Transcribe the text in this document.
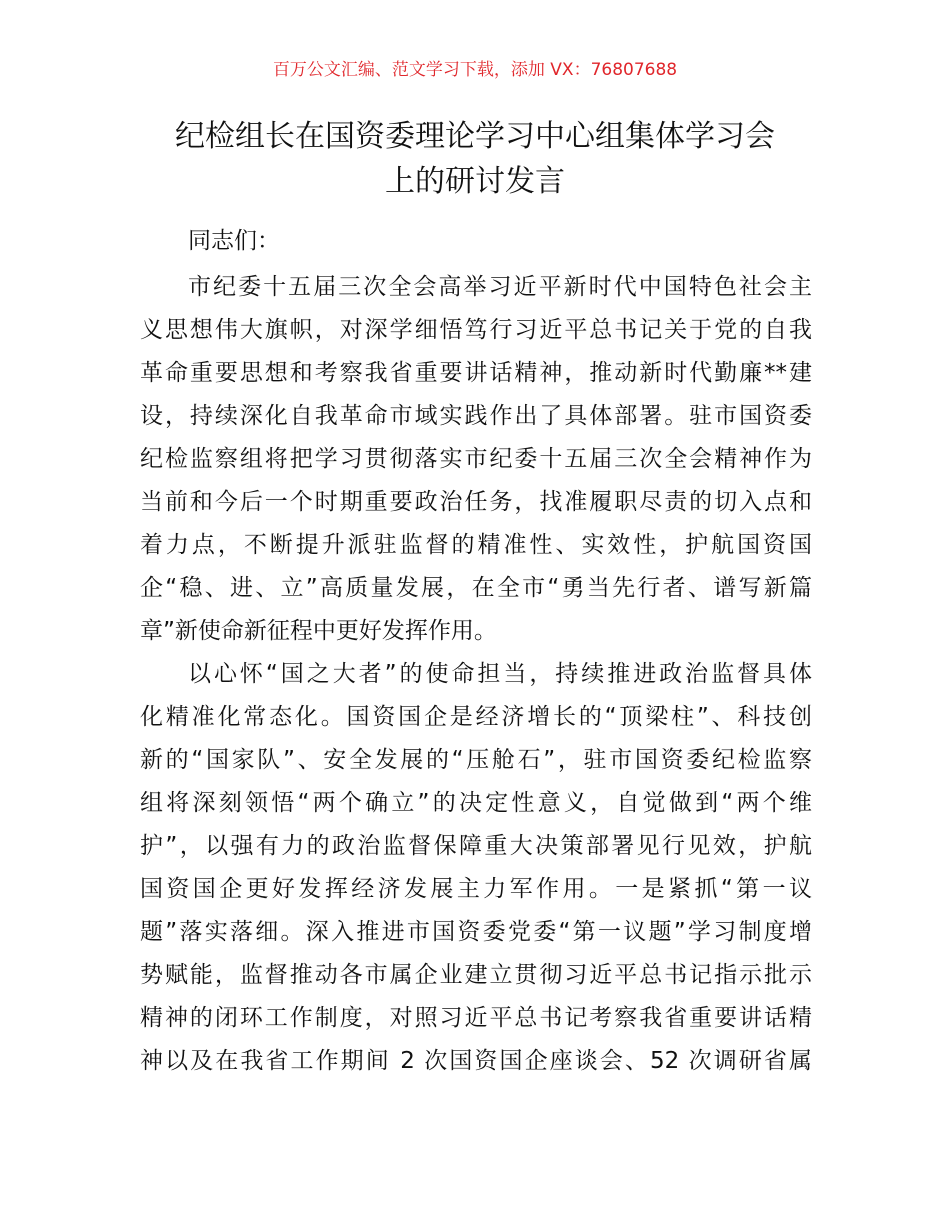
百万公文汇编、范文学习下载，添加 VX：76807688
纪检组长在国资委理论学习中心组集体学习会
上的研讨发言
同志们：
市纪委十五届三次全会高举习近平新时代中国特色社会主
义思想伟大旗帜，对深学细悟笃行习近平总书记关于党的自我
革命重要思想和考察我省重要讲话精神，推动新时代勤廉**建
设，持续深化自我革命市域实践作出了具体部署。驻市国资委
纪检监察组将把学习贯彻落实市纪委十五届三次全会精神作为
当前和今后一个时期重要政治任务，找准履职尽责的切入点和
着力点，不断提升派驻监督的精准性、实效性，护航国资国
企“稳、进、立”高质量发展，在全市“勇当先行者、谱写新篇
章”新使命新征程中更好发挥作用。
以心怀“国之大者”的使命担当，持续推进政治监督具体
化精准化常态化。国资国企是经济增长的“顶梁柱”、科技创
新的“国家队”、安全发展的“压舱石”，驻市国资委纪检监察
组将深刻领悟“两个确立”的决定性意义，自觉做到“两个维
护”，以强有力的政治监督保障重大决策部署见行见效，护航
国资国企更好发挥经济发展主力军作用。一是紧抓“第一议
题”落实落细。深入推进市国资委党委“第一议题”学习制度增
势赋能，监督推动各市属企业建立贯彻习近平总书记指示批示
精神的闭环工作制度，对照习近平总书记考察我省重要讲话精
神以及在我省工作期间 2 次国资国企座谈会、52 次调研省属
